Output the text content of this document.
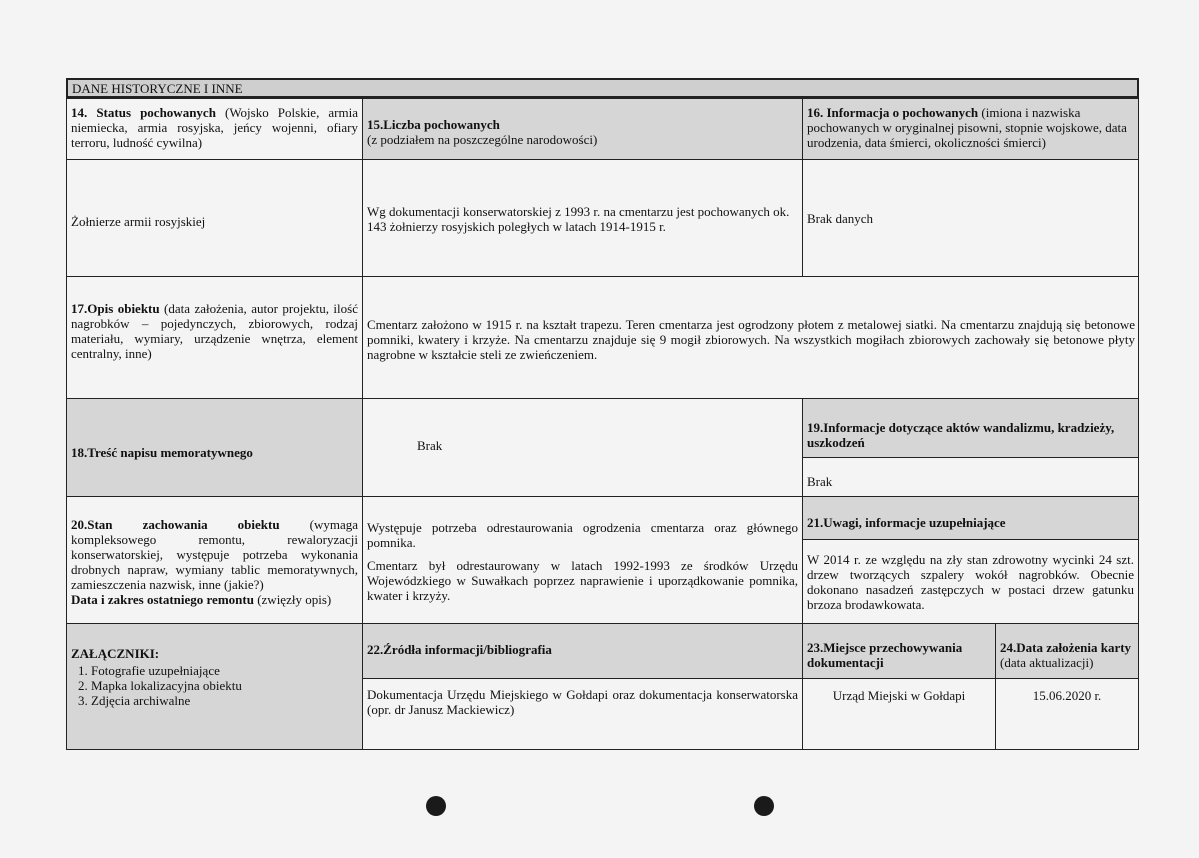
DANE HISTORYCZNE I INNE
14. Status pochowanych (Wojsko Polskie, armia niemiecka, armia rosyjska, jeńcy wojenni, ofiary terroru, ludność cywilna)
15.Liczba pochowanych
(z podziałem na poszczególne narodowości)
16. Informacja o pochowanych (imiona i nazwiska pochowanych w oryginalnej pisowni, stopnie wojskowe, data urodzenia, data śmierci, okoliczności śmierci)
Żołnierze armii rosyjskiej
Wg dokumentacji konserwatorskiej z 1993 r. na cmentarzu jest pochowanych ok. 143 żołnierzy rosyjskich poległych w latach 1914-1915 r.
Brak danych
17.Opis obiektu (data założenia, autor projektu, ilość nagrobków – pojedynczych, zbiorowych, rodzaj materiału, wymiary, urządzenie wnętrza, element centralny, inne)
Cmentarz założono w 1915 r. na kształt trapezu. Teren cmentarza jest ogrodzony płotem z metalowej siatki. Na cmentarzu znajdują się betonowe pomniki, kwatery i krzyże. Na cmentarzu znajduje się 9 mogił zbiorowych. Na wszystkich mogiłach zbiorowych zachowały się betonowe płyty nagrobne w kształcie steli ze zwieńczeniem.
18.Treść napisu memoratywnego	Brak
19.Informacje dotyczące aktów wandalizmu, kradzieży, uszkodzeń
Brak
20.Stan zachowania obiektu (wymaga kompleksowego remontu, rewaloryzacji konserwatorskiej, występuje potrzeba wykonania drobnych napraw, wymiany tablic memoratywnych, zamieszczenia nazwisk, inne (jakie?)
Data i zakres ostatniego remontu (zwięzły opis)
Występuje potrzeba odrestaurowania ogrodzenia cmentarza oraz głównego pomnika.
Cmentarz był odrestaurowany w latach 1992-1993 ze środków Urzędu Wojewódzkiego w Suwałkach poprzez naprawienie i uporządkowanie pomnika, kwater i krzyży.
21.Uwagi, informacje uzupełniające
W 2014 r. ze względu na zły stan zdrowotny wycinki 24 szt. drzew tworzących szpalery wokół nagrobków. Obecnie dokonano nasadzeń zastępczych w postaci drzew gatunku brzoza brodawkowata.
ZAŁĄCZNIKI:
1. Fotografie uzupełniające
2. Mapka lokalizacyjna obiektu
3. Zdjęcia archiwalne
22.Źródła informacji/bibliografia
Dokumentacja Urzędu Miejskiego w Gołdapi oraz dokumentacja konserwatorska (opr. dr Janusz Mackiewicz)
23.Miejsce przechowywania dokumentacji
Urząd Miejski w Gołdapi
24.Data założenia karty (data aktualizacji)
15.06.2020 r.
